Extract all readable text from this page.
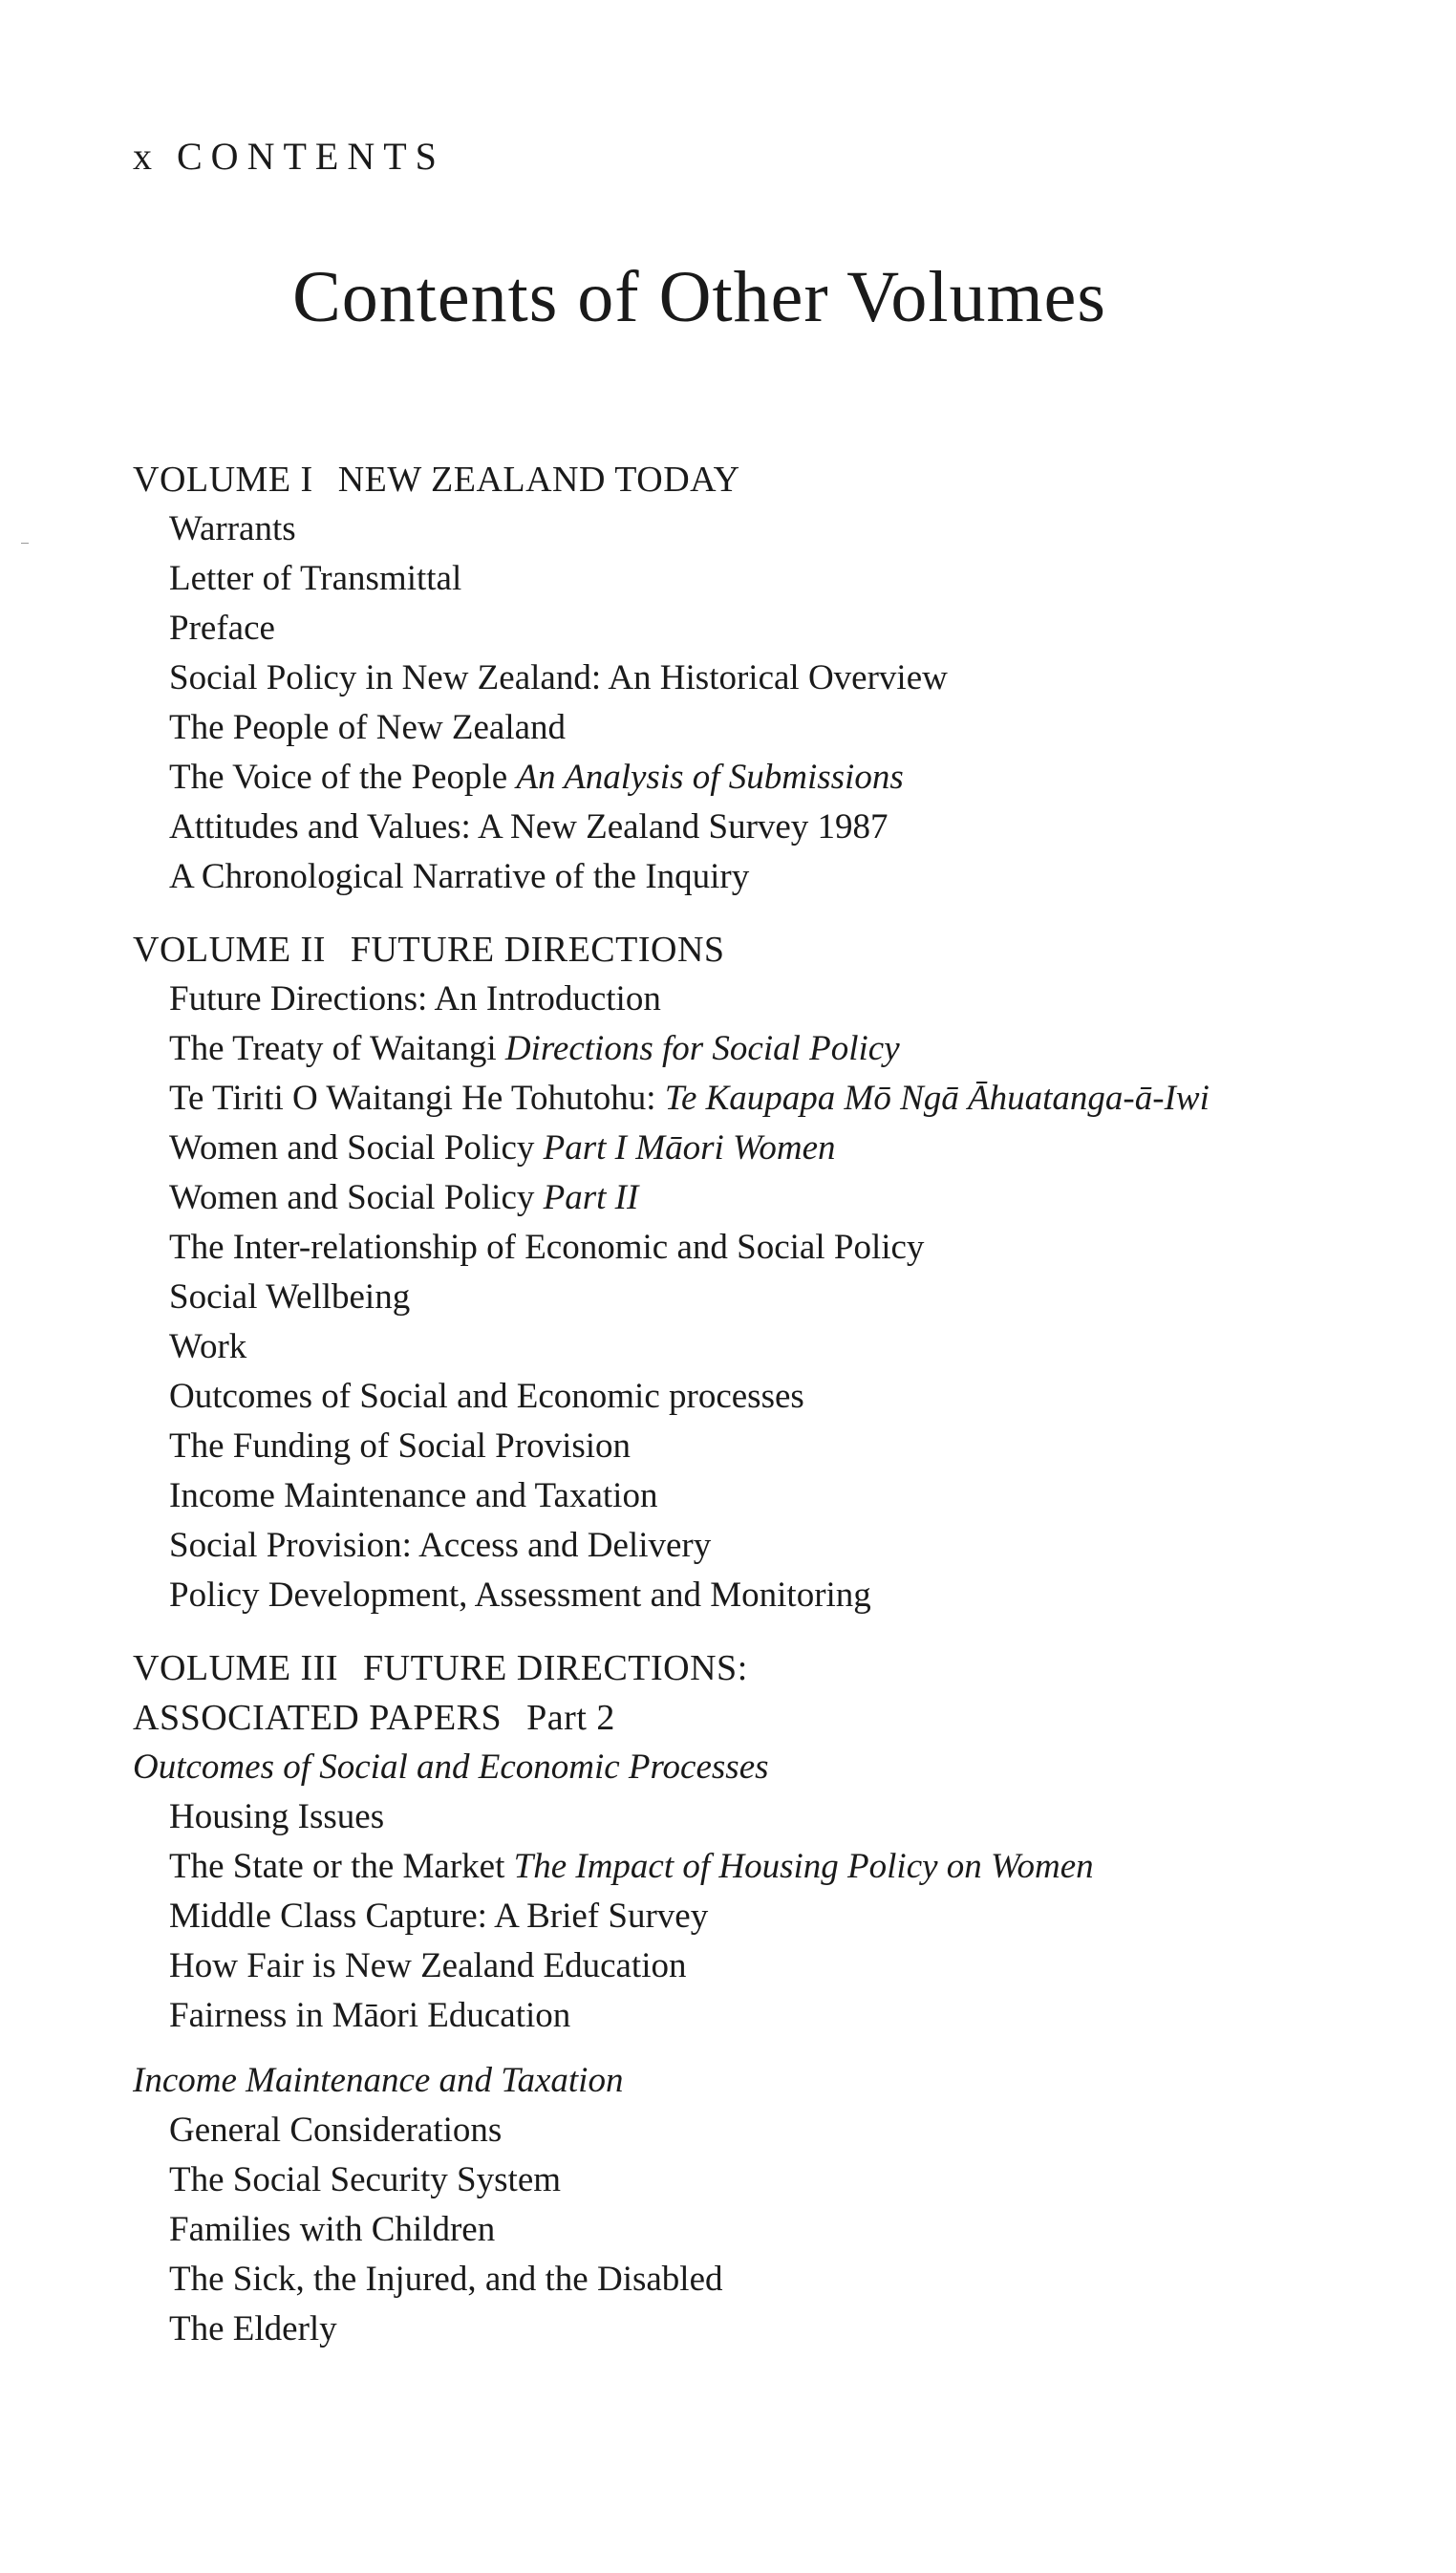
x CONTENTS
Contents of Other Volumes
VOLUME I NEW ZEALAND TODAY
Warrants
Letter of Transmittal
Preface
Social Policy in New Zealand: An Historical Overview
The People of New Zealand
The Voice of the People An Analysis of Submissions
Attitudes and Values: A New Zealand Survey 1987
A Chronological Narrative of the Inquiry
VOLUME II FUTURE DIRECTIONS
Future Directions: An Introduction
The Treaty of Waitangi Directions for Social Policy
Te Tiriti O Waitangi He Tohutohu: Te Kaupapa Mō Ngā Āhuatanga-ā-Iwi
Women and Social Policy Part I Māori Women
Women and Social Policy Part II
The Inter-relationship of Economic and Social Policy
Social Wellbeing
Work
Outcomes of Social and Economic processes
The Funding of Social Provision
Income Maintenance and Taxation
Social Provision: Access and Delivery
Policy Development, Assessment and Monitoring
VOLUME III FUTURE DIRECTIONS:
ASSOCIATED PAPERS Part 2
Outcomes of Social and Economic Processes
Housing Issues
The State or the Market The Impact of Housing Policy on Women
Middle Class Capture: A Brief Survey
How Fair is New Zealand Education
Fairness in Māori Education
Income Maintenance and Taxation
General Considerations
The Social Security System
Families with Children
The Sick, the Injured, and the Disabled
The Elderly
